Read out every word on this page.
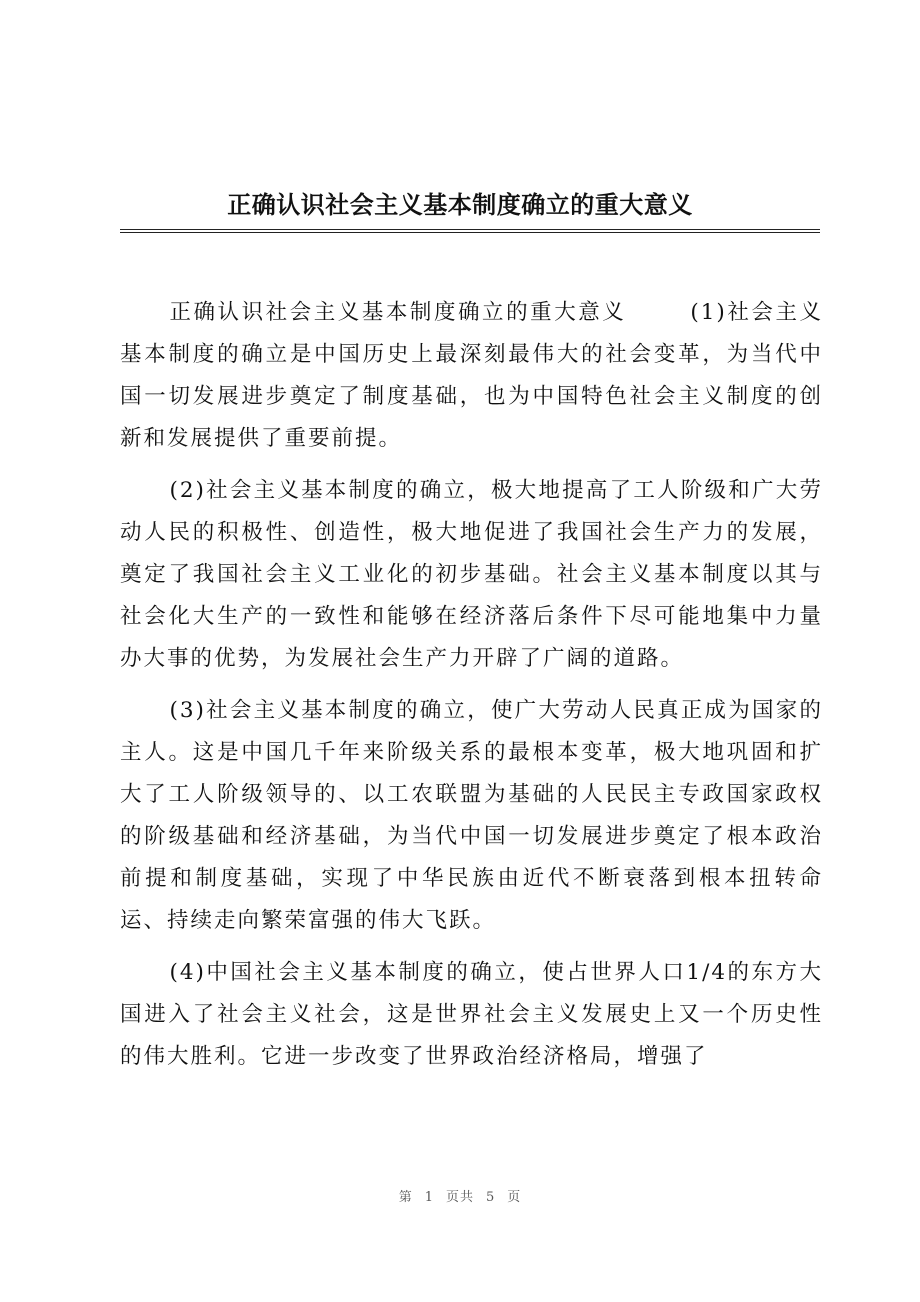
正确认识社会主义基本制度确立的重大意义

正确认识社会主义基本制度确立的重大意义	(1)社会主义基本制度的确立是中国历史上最深刻最伟大的社会变革，为当代中国一切发展进步奠定了制度基础，也为中国特色社会主义制度的创新和发展提供了重要前提。

(2)社会主义基本制度的确立，极大地提高了工人阶级和广大劳动人民的积极性、创造性，极大地促进了我国社会生产力的发展，奠定了我国社会主义工业化的初步基础。社会主义基本制度以其与社会化大生产的一致性和能够在经济落后条件下尽可能地集中力量办大事的优势，为发展社会生产力开辟了广阔的道路。

(3)社会主义基本制度的确立，使广大劳动人民真正成为国家的主人。这是中国几千年来阶级关系的最根本变革，极大地巩固和扩大了工人阶级领导的、以工农联盟为基础的人民民主专政国家政权的阶级基础和经济基础，为当代中国一切发展进步奠定了根本政治前提和制度基础，实现了中华民族由近代不断衰落到根本扭转命运、持续走向繁荣富强的伟大飞跃。

(4)中国社会主义基本制度的确立，使占世界人口1/4的东方大国进入了社会主义社会，这是世界社会主义发展史上又一个历史性的伟大胜利。它进一步改变了世界政治经济格局，增强了

第 1 页共 5 页
